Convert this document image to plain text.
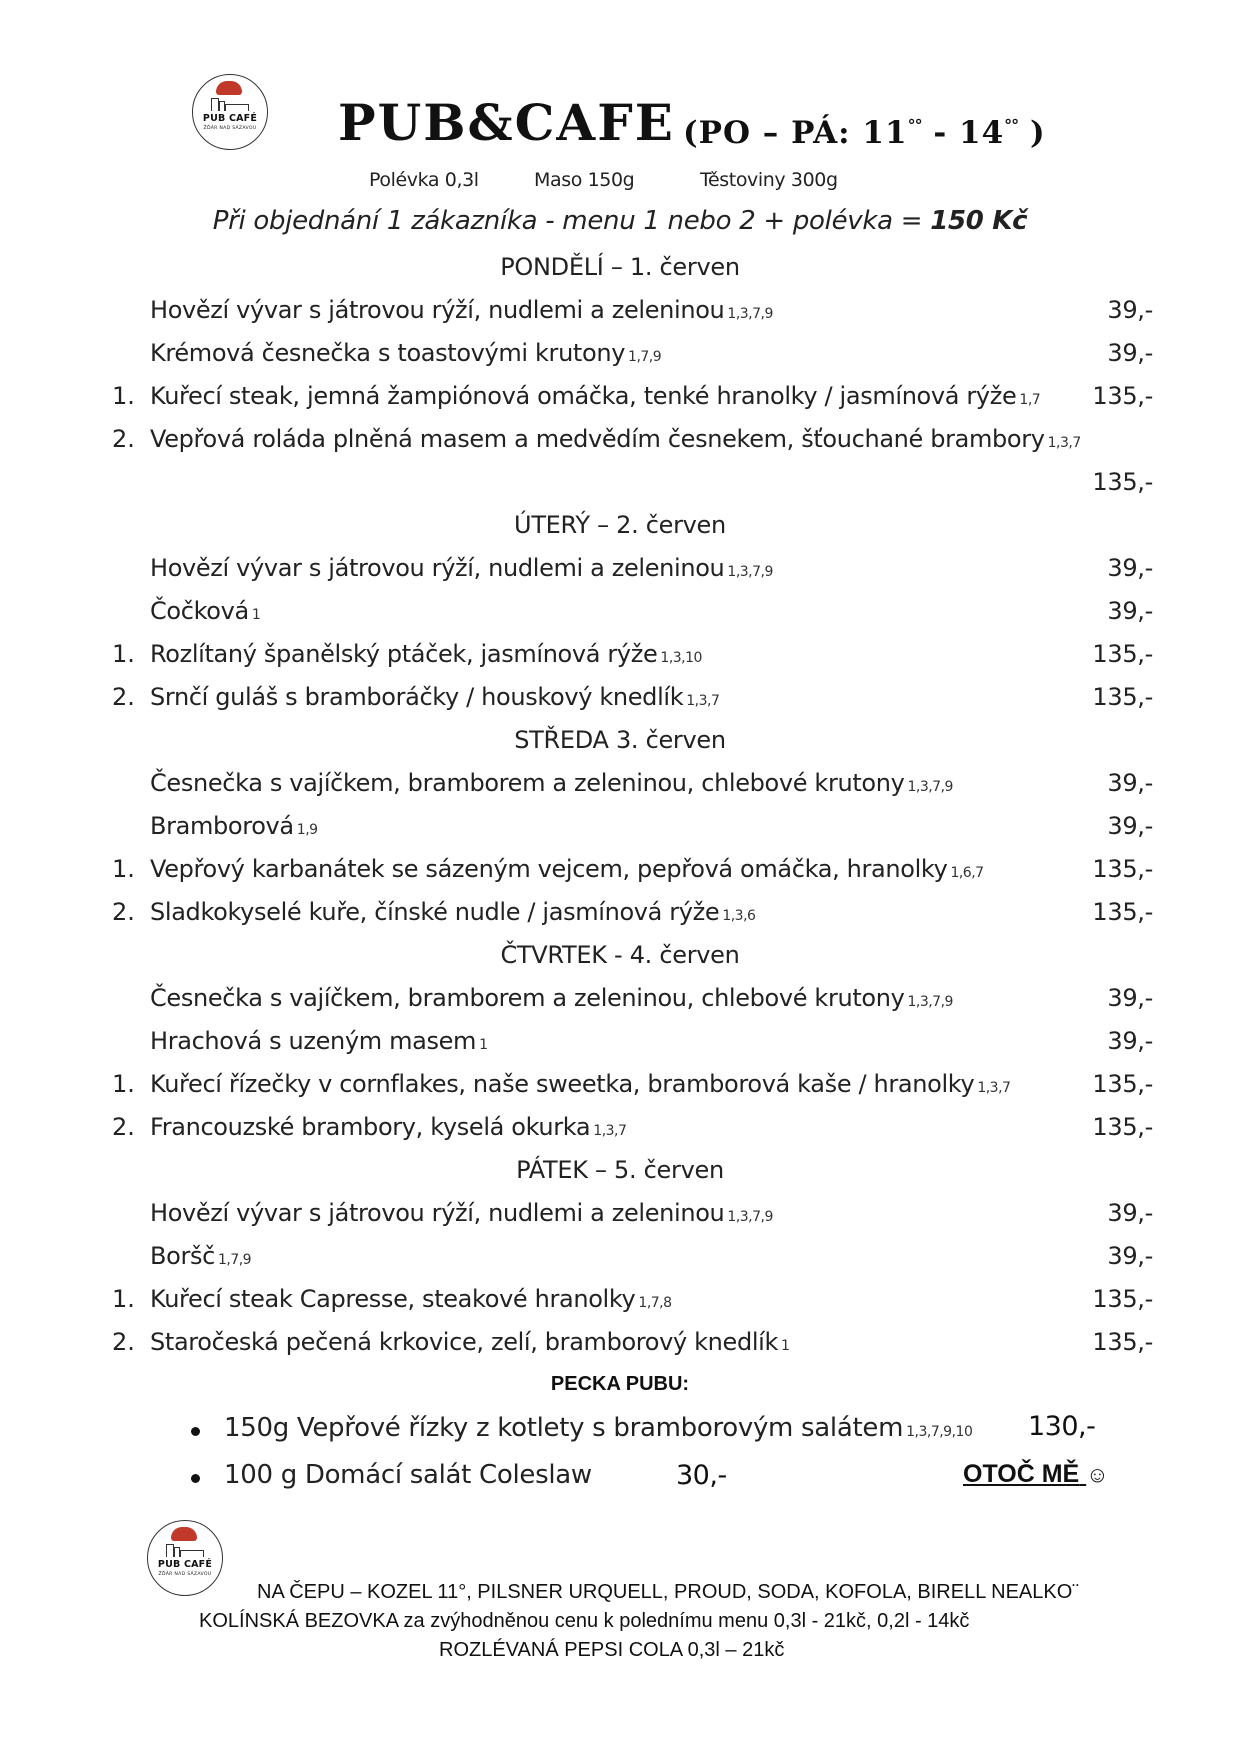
PUB CAFÉ
ŽĎÁR NAD SÁZAVOU PUB&CAFE (PO – PÁ: 11°° - 14°° )
Polévka 0,3l	Maso 150g	Těstoviny 300g
Při objednání 1 zákazníka - menu 1 nebo 2 + polévka = 150 Kč
PONDĚLÍ – 1. červen
Hovězí vývar s játrovou rýží, nudlemi a zeleninou 1,3,7,9	39,-
Krémová česnečka s toastovými krutony 1,7,9	39,-
1. Kuřecí steak, jemná žampiónová omáčka, tenké hranolky / jasmínová rýže 1,7 135,-
2. Vepřová roláda plněná masem a medvědím česnekem, šťouchané brambory 1,3,7
135,-
ÚTERÝ – 2. červen
Hovězí vývar s játrovou rýží, nudlemi a zeleninou 1,3,7,9	39,-
Čočková 1	39,-
1. Rozlítaný španělský ptáček, jasmínová rýže 1,3,10	135,-
2. Srnčí guláš s bramboráčky / houskový knedlík 1,3,7	135,-
STŘEDA 3. červen
Česnečka s vajíčkem, bramborem a zeleninou, chlebové krutony 1,3,7,9	39,-
Bramborová 1,9	39,-
1. Vepřový karbanátek se sázeným vejcem, pepřová omáčka, hranolky 1,6,7	135,-
2. Sladkokyselé kuře, čínské nudle / jasmínová rýže 1,3,6	135,-
ČTVRTEK - 4. červen
Česnečka s vajíčkem, bramborem a zeleninou, chlebové krutony 1,3,7,9	39,-
Hrachová s uzeným masem 1	39,-
1. Kuřecí řízečky v cornflakes, naše sweetka, bramborová kaše / hranolky 1,3,7	135,-
2. Francouzské brambory, kyselá okurka 1,3,7	135,-
PÁTEK – 5. červen
Hovězí vývar s játrovou rýží, nudlemi a zeleninou 1,3,7,9	39,-
Boršč 1,7,9	39,-
1. Kuřecí steak Capresse, steakové hranolky 1,7,8	135,-
2. Staročeská pečená krkovice, zelí, bramborový knedlík 1	135,-
PECKA PUBU:
150g Vepřové řízky z kotlety s bramborovým salátem 1,3,7,9,10 130,-
100 g Domácí salát Coleslaw	30,-	OTOČ MĚ ☺
PUB CAFÉ
ŽĎÁR NAD SÁZAVOU
NA ČEPU – KOZEL 11°, PILSNER URQUELL, PROUD, SODA, KOFOLA, BIRELL NEALKO¨
KOLÍNSKÁ BEZOVKA za zvýhodněnou cenu k polednímu menu 0,3l - 21kč, 0,2l - 14kč
ROZLÉVANÁ PEPSI COLA 0,3l – 21kč
